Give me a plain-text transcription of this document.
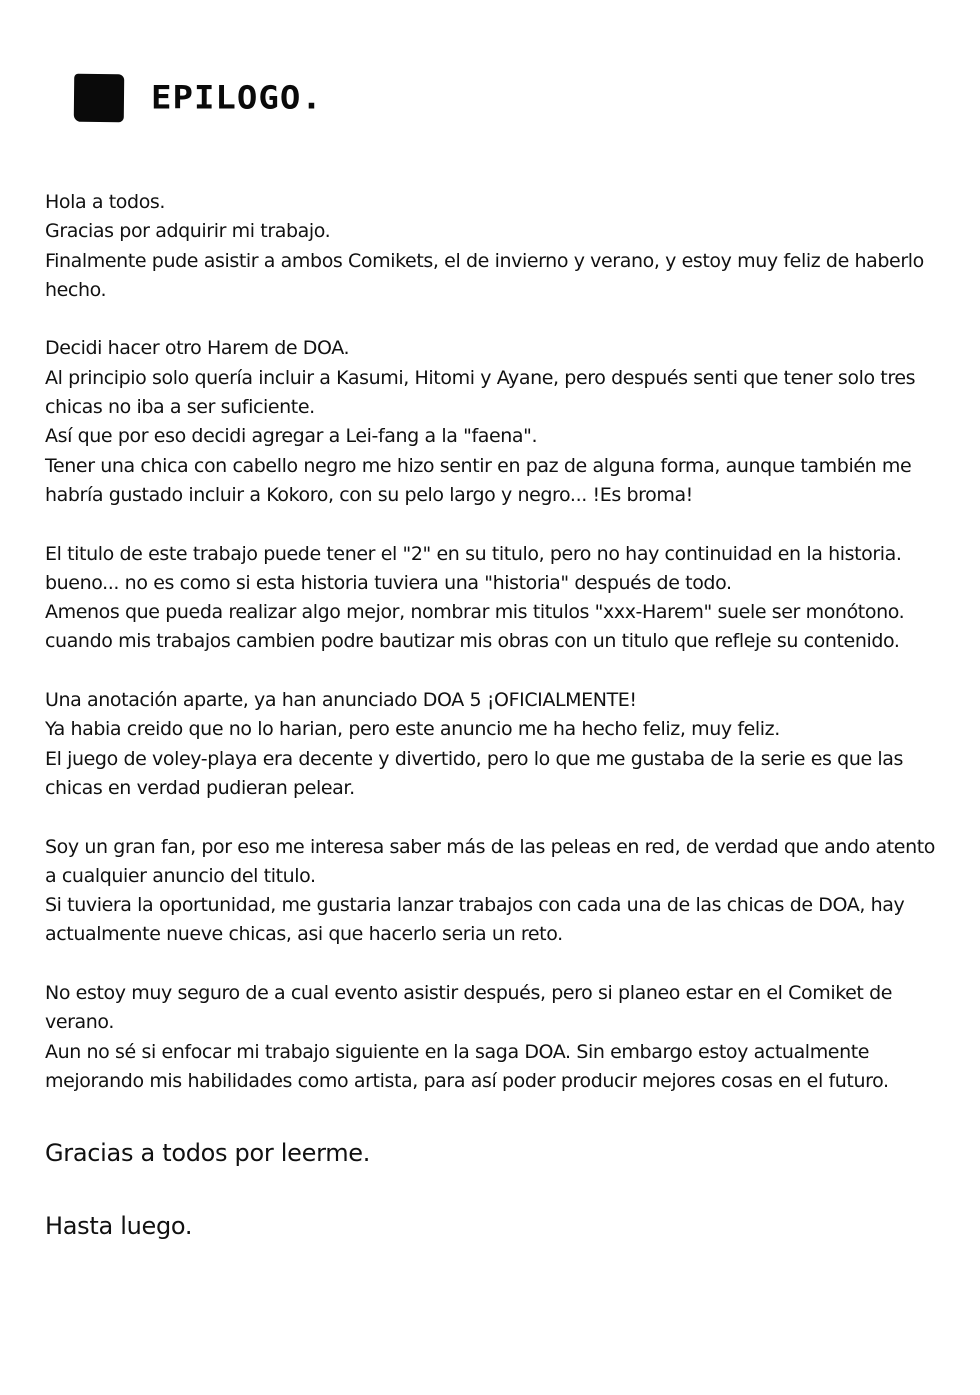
EPILOGO.

Hola a todos.
Gracias por adquirir mi trabajo.
Finalmente pude asistir a ambos Comikets, el de invierno y verano, y estoy muy feliz de haberlo
hecho.

Decidi hacer otro Harem de DOA.
Al principio solo quería incluir a Kasumi, Hitomi y Ayane, pero después senti que tener solo tres
chicas no iba a ser suficiente.
Así que por eso decidi agregar a Lei-fang a la "faena".
Tener una chica con cabello negro me hizo sentir en paz de alguna forma, aunque también me
habría gustado incluir a Kokoro, con su pelo largo y negro... !Es broma!

El titulo de este trabajo puede tener el "2" en su titulo, pero no hay continuidad en la historia.
bueno... no es como si esta historia tuviera una "historia" después de todo.
Amenos que pueda realizar algo mejor, nombrar mis titulos "xxx-Harem" suele ser monótono.
cuando mis trabajos cambien podre bautizar mis obras con un titulo que refleje su contenido.

Una anotación aparte, ya han anunciado DOA 5 ¡OFICIALMENTE!
Ya habia creido que no lo harian, pero este anuncio me ha hecho feliz, muy feliz.
El juego de voley-playa era decente y divertido, pero lo que me gustaba de la serie es que las
chicas en verdad pudieran pelear.

Soy un gran fan, por eso me interesa saber más de las peleas en red, de verdad que ando atento
a cualquier anuncio del titulo.
Si tuviera la oportunidad, me gustaria lanzar trabajos con cada una de las chicas de DOA, hay
actualmente nueve chicas, asi que hacerlo seria un reto.

No estoy muy seguro de a cual evento asistir después, pero si planeo estar en el Comiket de
verano.
Aun no sé si enfocar mi trabajo siguiente en la saga DOA. Sin embargo estoy actualmente
mejorando mis habilidades como artista, para así poder producir mejores cosas en el futuro.

Gracias a todos por leerme.
Hasta luego.
